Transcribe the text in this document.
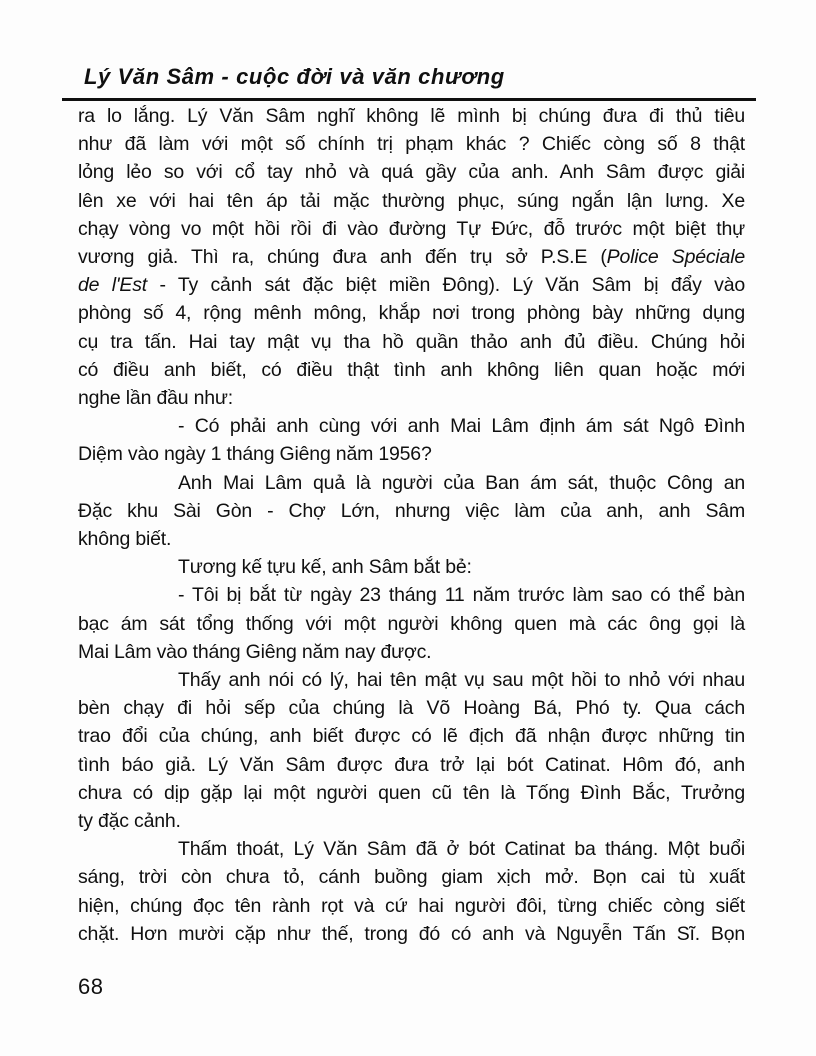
Lý Văn Sâm - cuộc đời và văn chương
ra lo lắng. Lý Văn Sâm nghĩ không lẽ mình bị chúng đưa đi thủ tiêu
như đã làm với một số chính trị phạm khác ? Chiếc còng số 8 thật
lỏng lẻo so với cổ tay nhỏ và quá gầy của anh. Anh Sâm được giải
lên xe với hai tên áp tải mặc thường phục, súng ngắn lận lưng. Xe
chạy vòng vo một hồi rồi đi vào đường Tự Đức, đỗ trước một biệt thự
vương giả. Thì ra, chúng đưa anh đến trụ sở P.S.E (Police Spéciale
de l'Est - Ty cảnh sát đặc biệt miền Đông). Lý Văn Sâm bị đẩy vào
phòng số 4, rộng mênh mông, khắp nơi trong phòng bày những dụng
cụ tra tấn. Hai tay mật vụ tha hồ quần thảo anh đủ điều. Chúng hỏi
có điều anh biết, có điều thật tình anh không liên quan hoặc mới
nghe lần đầu như:
- Có phải anh cùng với anh Mai Lâm định ám sát Ngô Đình
Diệm vào ngày 1 tháng Giêng năm 1956?
Anh Mai Lâm quả là người của Ban ám sát, thuộc Công an
Đặc khu Sài Gòn - Chợ Lớn, nhưng việc làm của anh, anh Sâm
không biết.
Tương kế tựu kế, anh Sâm bắt bẻ:
- Tôi bị bắt từ ngày 23 tháng 11 năm trước làm sao có thể bàn
bạc ám sát tổng thống với một người không quen mà các ông gọi là
Mai Lâm vào tháng Giêng năm nay được.
Thấy anh nói có lý, hai tên mật vụ sau một hồi to nhỏ với nhau
bèn chạy đi hỏi sếp của chúng là Võ Hoàng Bá, Phó ty. Qua cách
trao đổi của chúng, anh biết được có lẽ địch đã nhận được những tin
tình báo giả. Lý Văn Sâm được đưa trở lại bót Catinat. Hôm đó, anh
chưa có dịp gặp lại một người quen cũ tên là Tống Đình Bắc, Trưởng
ty đặc cảnh.
Thấm thoát, Lý Văn Sâm đã ở bót Catinat ba tháng. Một buổi
sáng, trời còn chưa tỏ, cánh buồng giam xịch mở. Bọn cai tù xuất
hiện, chúng đọc tên rành rọt và cứ hai người đôi, từng chiếc còng siết
chặt. Hơn mười cặp như thế, trong đó có anh và Nguyễn Tấn Sĩ. Bọn
68
